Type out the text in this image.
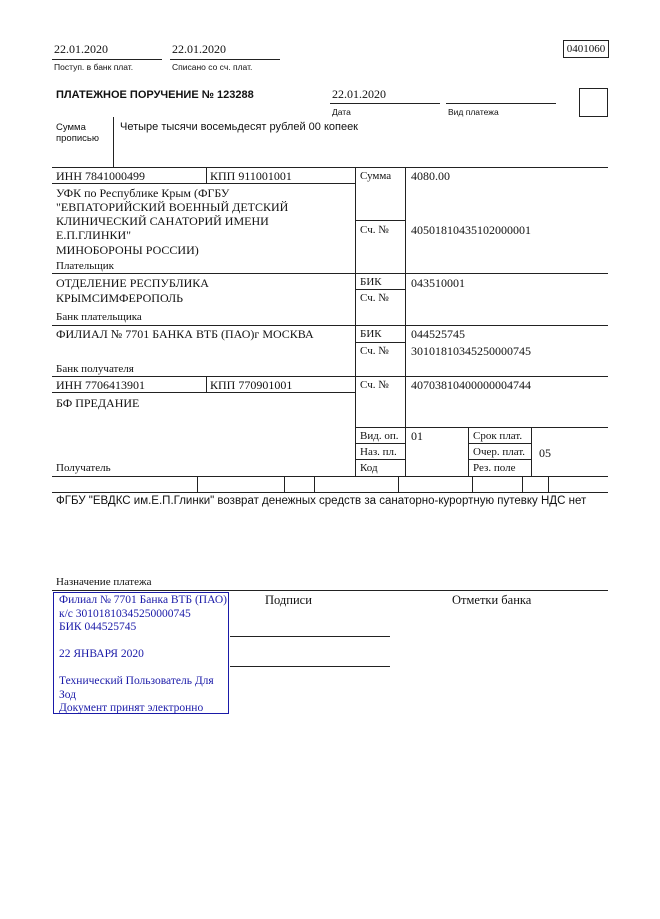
22.01.2020
Поступ. в банк плат.
22.01.2020
Списано со сч. плат.
0401060
ПЛАТЕЖНОЕ ПОРУЧЕНИЕ № 123288	22.01.2020
Дата	Вид платежа
Сумма
прописью
Четыре тысячи восемьдесят рублей 00 копеек
ИНН 7841000499	КПП 911001001	Сумма 4080.00
УФК по Республике Крым (ФГБУ
"ЕВПАТОРИЙСКИЙ ВОЕННЫЙ ДЕТСКИЙ
КЛИНИЧЕСКИЙ САНАТОРИЙ ИМЕНИ
Е.П.ГЛИНКИ"
МИНОБОРОНЫ РОССИИ)
Плательщик
Сч. № 40501810435102000001
ОТДЕЛЕНИЕ РЕСПУБЛИКА
КРЫМСИМФЕРОПОЛЬ
Банк плательщика
БИК 043510001
Сч. №
ФИЛИАЛ № 7701 БАНКА ВТБ (ПАО)г МОСКВА
Банк получателя
БИК 044525745
Сч. № 30101810345250000745
ИНН 7706413901	КПП 770901001	Сч. № 40703810400000004744
БФ ПРЕДАНИЕ
Вид. оп. 01
Наз. пл.
Код
Срок плат.
Очер. плат. 05
Рез. поле
Получатель
ФГБУ "ЕВДКС им.Е.П.Глинки" возврат денежных средств за санаторно-курортную путевку НДС нет
Назначение платежа
Подписи	Отметки банка
Филиал № 7701 Банка ВТБ (ПАО)
к/с 30101810345250000745
БИК 044525745
22 ЯНВАРЯ 2020
Технический Пользователь Для
Зод
Документ принят электронно
